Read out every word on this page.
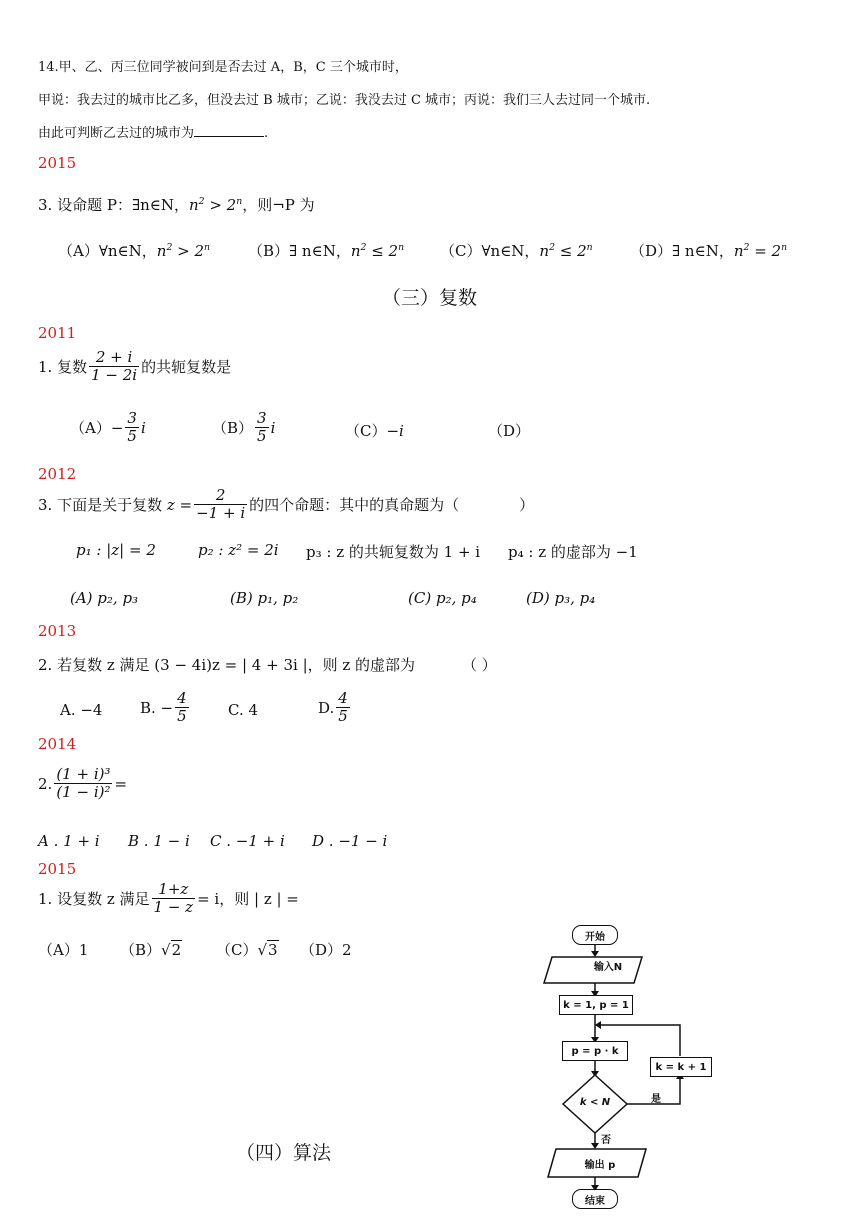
14.甲、乙、丙三位同学被问到是否去过 A，B，C 三个城市时，
甲说：我去过的城市比乙多，但没去过 B 城市；乙说：我没去过 C 城市；丙说：我们三人去过同一个城市.
由此可判断乙去过的城市为	.
2015
3. 设命题 P：∃n∈N，$n^2 > 2^n$，则¬P 为
（A）∀n∈N，$n^2 > 2^n$	（B）∃ n∈N，$n^2 \le 2^n$ （C）∀n∈N，$n^2 \le 2^n$ （D）∃ n∈N，$n^2 = 2^n$
（三）复数
2011
1. 复数 $\frac{2 + i}{1 - 2i}$ 的共轭复数是
$(A) - \frac{3}{5}$ i	$(B) \frac{3}{5}$ i	（C）−i	（D）
2012
3. 下面是关于复数 $z = \frac{2}{-1 + i}$ 的四个命题：其中的真命题为（　　　　）
p₁ : |z| = 2	p₂ : z² = 2i p₃ : z 的共轭复数为 1 + i p₄ : z 的虚部为 −1
(A) p₂, p₃	(B) p₁, p₂	(C) p₂, p₄	(D) p₃, p₄
2013
2. 若复数 z 满足 (3 − 4i)z = | 4 + 3i |，则 z 的虚部为	（ ）
A. −4	B. − $\frac{4}{5}$	C. 4	D. $\frac{4}{5}$
2014
2. $\frac{\text{(1 + i)³}}{\text{(1 − i)²}}$ =
A . 1 + i B . 1 − i C . −1 + i D . −1 − i
2015
1. 设复数 z 满足 $\frac{1+z}{1 - z} = i$，则 | z | =
（A）1 （B）√2 （C）√3 （D）2
（四）算法
开始
输入N
k = 1, p = 1
p = p · k
k < N
k = k + 1
是
否
输出 p
结束
